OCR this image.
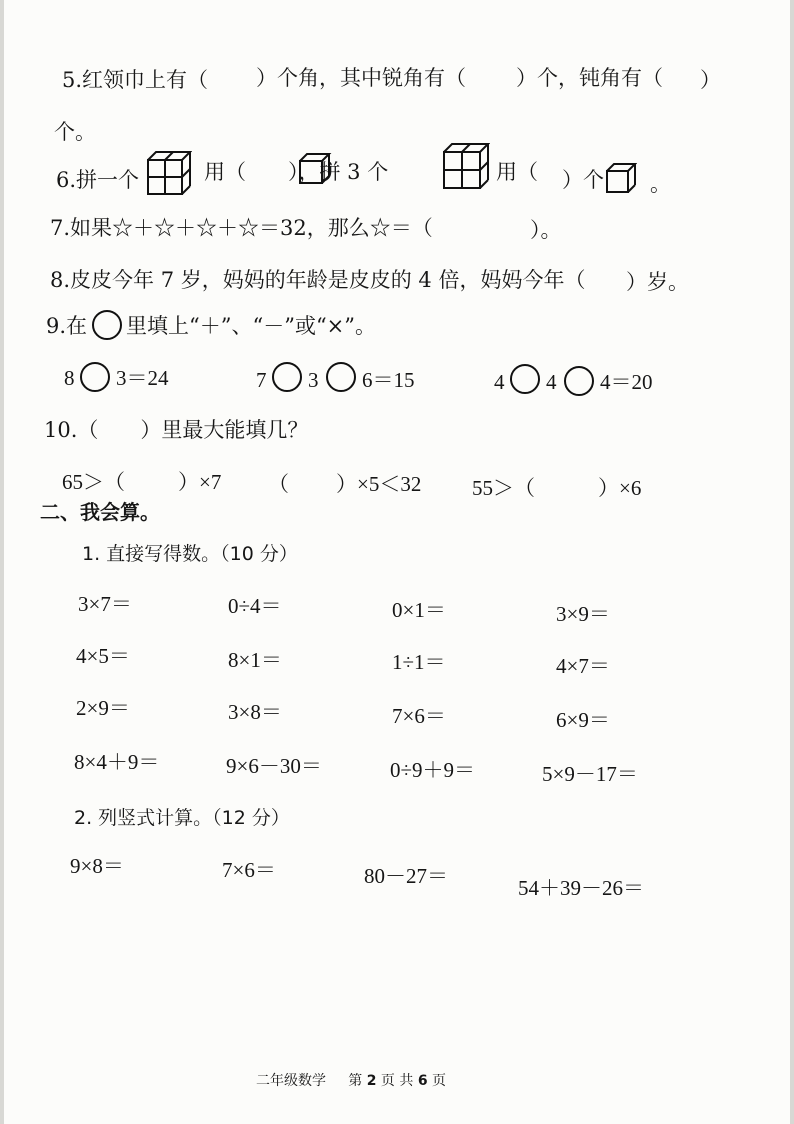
5.红领巾上有（ ）个角，其中锐角有（ ）个，钝角有（ ）
个。
6.拼一个	用（ ），拼 3 个	用（ ）个 。
7.如果☆＋☆＋☆＋☆＝32，那么☆＝（	）。
8.皮皮今年 7 岁，妈妈的年龄是皮皮的 4 倍，妈妈今年（ ）岁。
9.在 里填上“＋”、“－”或“×”。
8 3＝24	7 3 6＝15	4 4 4＝20
10.（　　）里最大能填几？
65＞（	）×7 （ ）×5＜32 55＞（	）×6
二、我会算。
1. 直接写得数。（10 分）
3×7＝	0÷4＝	0×1＝	3×9＝
4×5＝	8×1＝	1÷1＝	4×7＝
2×9＝	3×8＝	7×6＝	6×9＝
8×4＋9＝	9×6－30＝	0÷9＋9＝	5×9－17＝
2. 列竖式计算。（12 分）
9×8＝	7×6＝	80－27＝	54＋39－26＝
二年级数学 第 2 页 共 6 页
